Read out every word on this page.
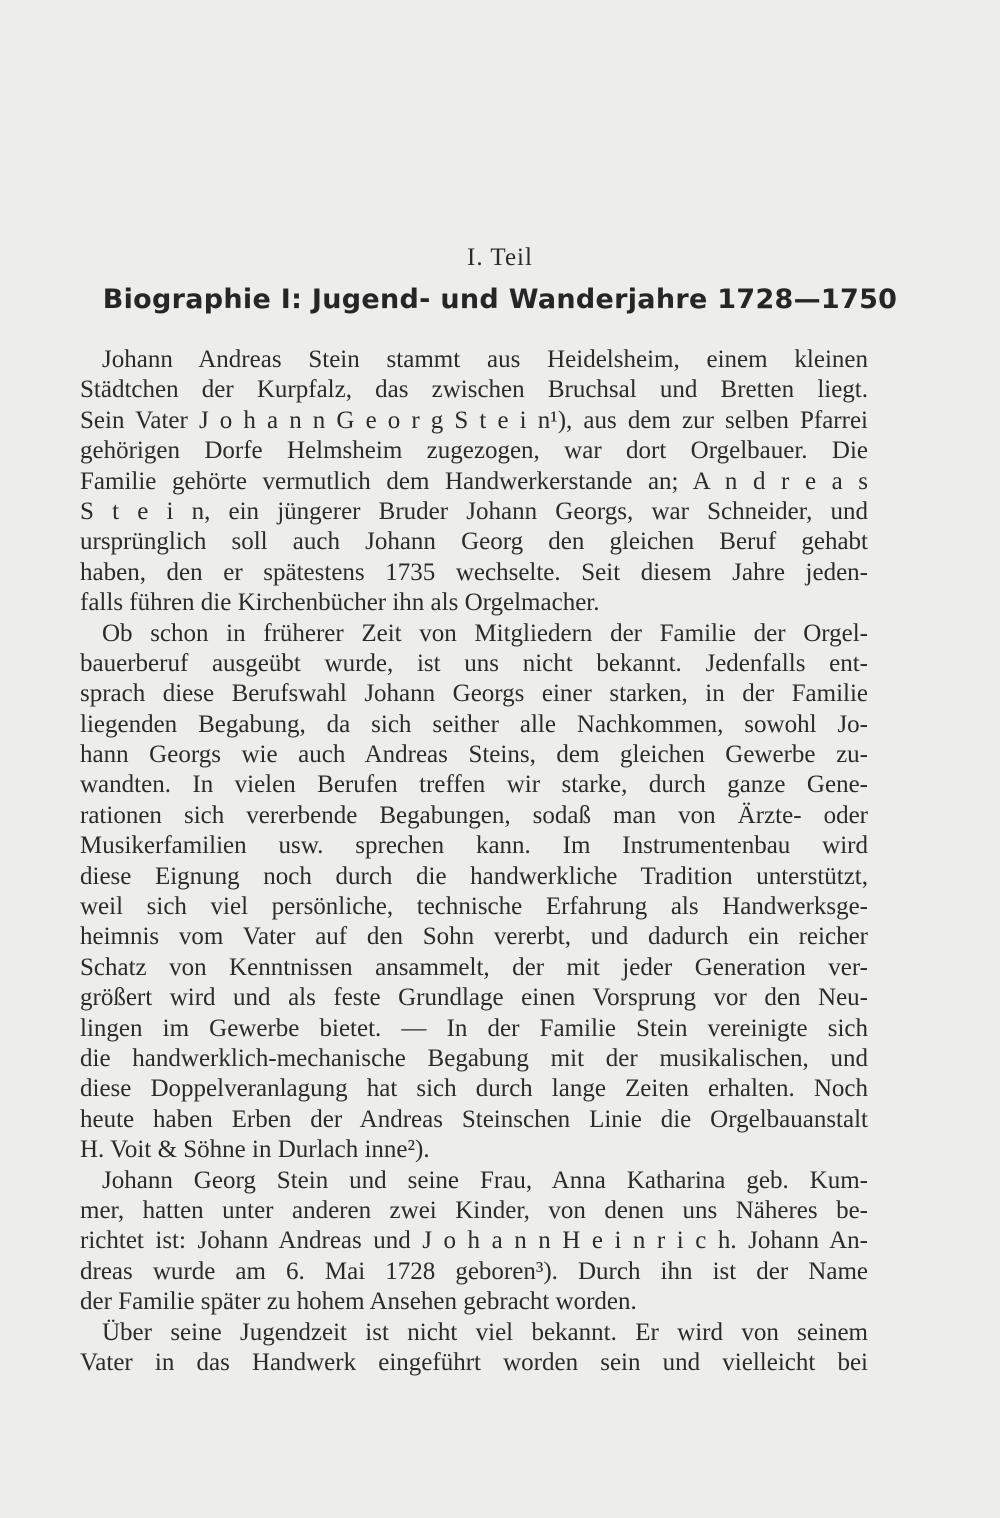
I. Teil
Biographie I: Jugend- und Wanderjahre 1728—1750
Johann Andreas Stein stammt aus Heidelsheim, einem kleinen
Städtchen der Kurpfalz, das zwischen Bruchsal und Bretten liegt.
Sein Vater J o h a n n G e o r g S t e i n¹), aus dem zur selben Pfarrei
gehörigen Dorfe Helmsheim zugezogen, war dort Orgelbauer. Die
Familie gehörte vermutlich dem Handwerkerstande an; A n d r e a s
S t e i n, ein jüngerer Bruder Johann Georgs, war Schneider, und
ursprünglich soll auch Johann Georg den gleichen Beruf gehabt
haben, den er spätestens 1735 wechselte. Seit diesem Jahre jeden-
falls führen die Kirchenbücher ihn als Orgelmacher.
Ob schon in früherer Zeit von Mitgliedern der Familie der Orgel-
bauerberuf ausgeübt wurde, ist uns nicht bekannt. Jedenfalls ent-
sprach diese Berufswahl Johann Georgs einer starken, in der Familie
liegenden Begabung, da sich seither alle Nachkommen, sowohl Jo-
hann Georgs wie auch Andreas Steins, dem gleichen Gewerbe zu-
wandten. In vielen Berufen treffen wir starke, durch ganze Gene-
rationen sich vererbende Begabungen, sodaß man von Ärzte- oder
Musikerfamilien usw. sprechen kann. Im Instrumentenbau wird
diese Eignung noch durch die handwerkliche Tradition unterstützt,
weil sich viel persönliche, technische Erfahrung als Handwerksge-
heimnis vom Vater auf den Sohn vererbt, und dadurch ein reicher
Schatz von Kenntnissen ansammelt, der mit jeder Generation ver-
größert wird und als feste Grundlage einen Vorsprung vor den Neu-
lingen im Gewerbe bietet. — In der Familie Stein vereinigte sich
die handwerklich-mechanische Begabung mit der musikalischen, und
diese Doppelveranlagung hat sich durch lange Zeiten erhalten. Noch
heute haben Erben der Andreas Steinschen Linie die Orgelbauanstalt
H. Voit & Söhne in Durlach inne²).
Johann Georg Stein und seine Frau, Anna Katharina geb. Kum-
mer, hatten unter anderen zwei Kinder, von denen uns Näheres be-
richtet ist: Johann Andreas und J o h a n n H e i n r i c h. Johann An-
dreas wurde am 6. Mai 1728 geboren³). Durch ihn ist der Name
der Familie später zu hohem Ansehen gebracht worden.
Über seine Jugendzeit ist nicht viel bekannt. Er wird von seinem
Vater in das Handwerk eingeführt worden sein und vielleicht bei
